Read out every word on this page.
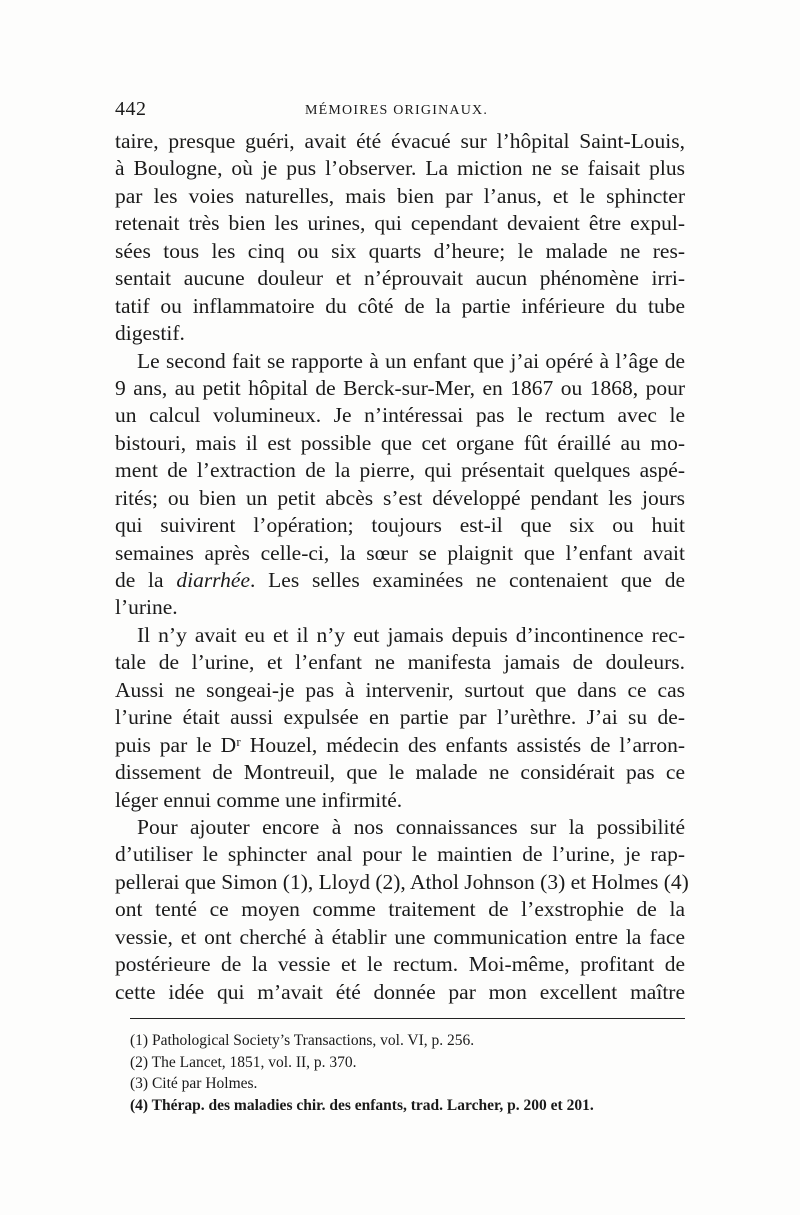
442	MÉMOIRES ORIGINAUX.
taire, presque guéri, avait été évacué sur l’hôpital Saint-Louis,
à Boulogne, où je pus l’observer. La miction ne se faisait plus
par les voies naturelles, mais bien par l’anus, et le sphincter
retenait très bien les urines, qui cependant devaient être expul-
sées tous les cinq ou six quarts d’heure; le malade ne res-
sentait aucune douleur et n’éprouvait aucun phénomène irri-
tatif ou inflammatoire du côté de la partie inférieure du tube
digestif.
Le second fait se rapporte à un enfant que j’ai opéré à l’âge de
9 ans, au petit hôpital de Berck-sur-Mer, en 1867 ou 1868, pour
un calcul volumineux. Je n’intéressai pas le rectum avec le
bistouri, mais il est possible que cet organe fût éraillé au mo-
ment de l’extraction de la pierre, qui présentait quelques aspé-
rités; ou bien un petit abcès s’est développé pendant les jours
qui suivirent l’opération; toujours est-il que six ou huit
semaines après celle-ci, la sœur se plaignit que l’enfant avait
de la diarrhée. Les selles examinées ne contenaient que de
l’urine.
Il n’y avait eu et il n’y eut jamais depuis d’incontinence rec-
tale de l’urine, et l’enfant ne manifesta jamais de douleurs.
Aussi ne songeai-je pas à intervenir, surtout que dans ce cas
l’urine était aussi expulsée en partie par l’urèthre. J’ai su de-
puis par le Dʳ Houzel, médecin des enfants assistés de l’arron-
dissement de Montreuil, que le malade ne considérait pas ce
léger ennui comme une infirmité.
Pour ajouter encore à nos connaissances sur la possibilité
d’utiliser le sphincter anal pour le maintien de l’urine, je rap-
pellerai que Simon (1), Lloyd (2), Athol Johnson (3) et Holmes (4)
ont tenté ce moyen comme traitement de l’exstrophie de la
vessie, et ont cherché à établir une communication entre la face
postérieure de la vessie et le rectum. Moi-même, profitant de
cette idée qui m’avait été donnée par mon excellent maître
(1) Pathological Society’s Transactions, vol. VI, p. 256.
(2) The Lancet, 1851, vol. II, p. 370.
(3) Cité par Holmes.
(4) Thérap. des maladies chir. des enfants, trad. Larcher, p. 200 et 201.
